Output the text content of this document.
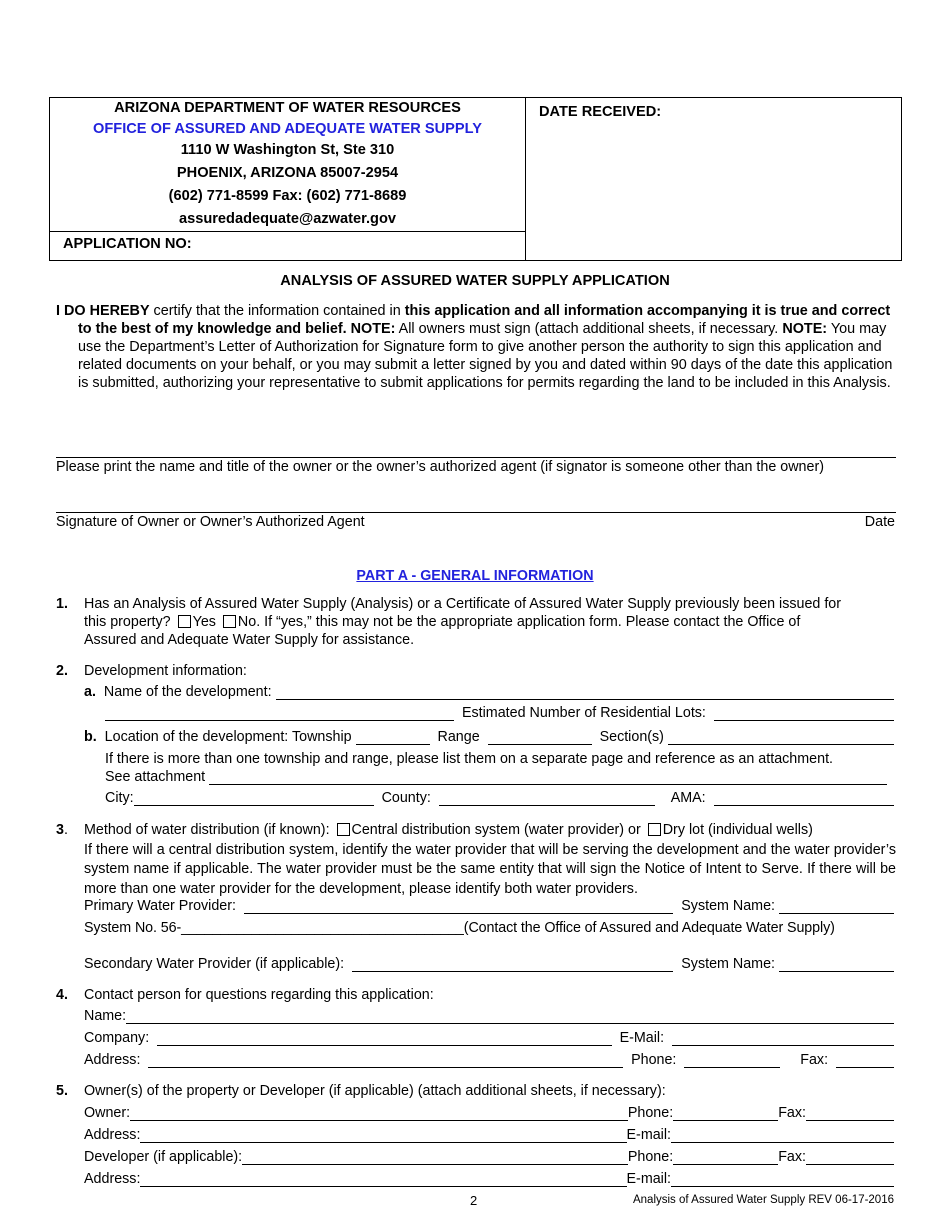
ARIZONA DEPARTMENT OF WATER RESOURCES
OFFICE OF ASSURED AND ADEQUATE WATER SUPPLY
1110 W Washington St, Ste 310
PHOENIX, ARIZONA 85007-2954
(602) 771-8599 Fax: (602) 771-8689
assuredadequate@azwater.gov
APPLICATION NO:
DATE RECEIVED:
ANALYSIS OF ASSURED WATER SUPPLY APPLICATION

I DO HEREBY certify that the information contained in this application and all information accompanying it is true and correct to the best of my knowledge and belief. NOTE: All owners must sign (attach additional sheets, if necessary. NOTE: You may use the Department’s Letter of Authorization for Signature form to give another person the authority to sign this application and related documents on your behalf, or you may submit a letter signed by you and dated within 90 days of the date this application is submitted, authorizing your representative to submit applications for permits regarding the land to be included in this Analysis.

Please print the name and title of the owner or the owner’s authorized agent (if signator is someone other than the owner)
Signature of Owner or Owner’s Authorized Agent	Date
PART A - GENERAL INFORMATION
1. Has an Analysis of Assured Water Supply (Analysis) or a Certificate of Assured Water Supply previously been issued for
this property? Yes No. If “yes,” this may not be the appropriate application form. Please contact the Office of
Assured and Adequate Water Supply for assistance.
2. Development information:
a.
Name of the development:

Estimated Number of Residential Lots:

b.
Location of the development: Township

	Range

	Section(s)

If there is more than one township and range, please list them on a separate page and reference as an attachment.
See attachment

City:
	County:

	AMA:

3. Method of water distribution (if known): Central distribution system (water provider) or Dry lot (individual wells)
If there will a central distribution system, identify the water provider that will be serving the development and the water provider’s system name if applicable. The water provider must be the same entity that will sign the Notice of Intent to Serve. If there will be more than one water provider for the development, please identify both water providers.
Primary Water Provider:

	System Name:

System No. 56-____________________________________(Contact the Office of Assured and Adequate Water Supply)
Secondary Water Provider (if applicable):

	System Name:

4. Contact person for questions regarding this application:
Name:
Company:

	E-Mail:

Address:

	Phone:

	Fax:

5. Owner(s) of the property or Developer (if applicable) (attach additional sheets, if necessary):
Owner:	Phone:	Fax:
Address:	E-mail:
Developer (if applicable):	Phone:	Fax:
Address:	E-mail:
2	Analysis of Assured Water Supply REV 06-17-2016
